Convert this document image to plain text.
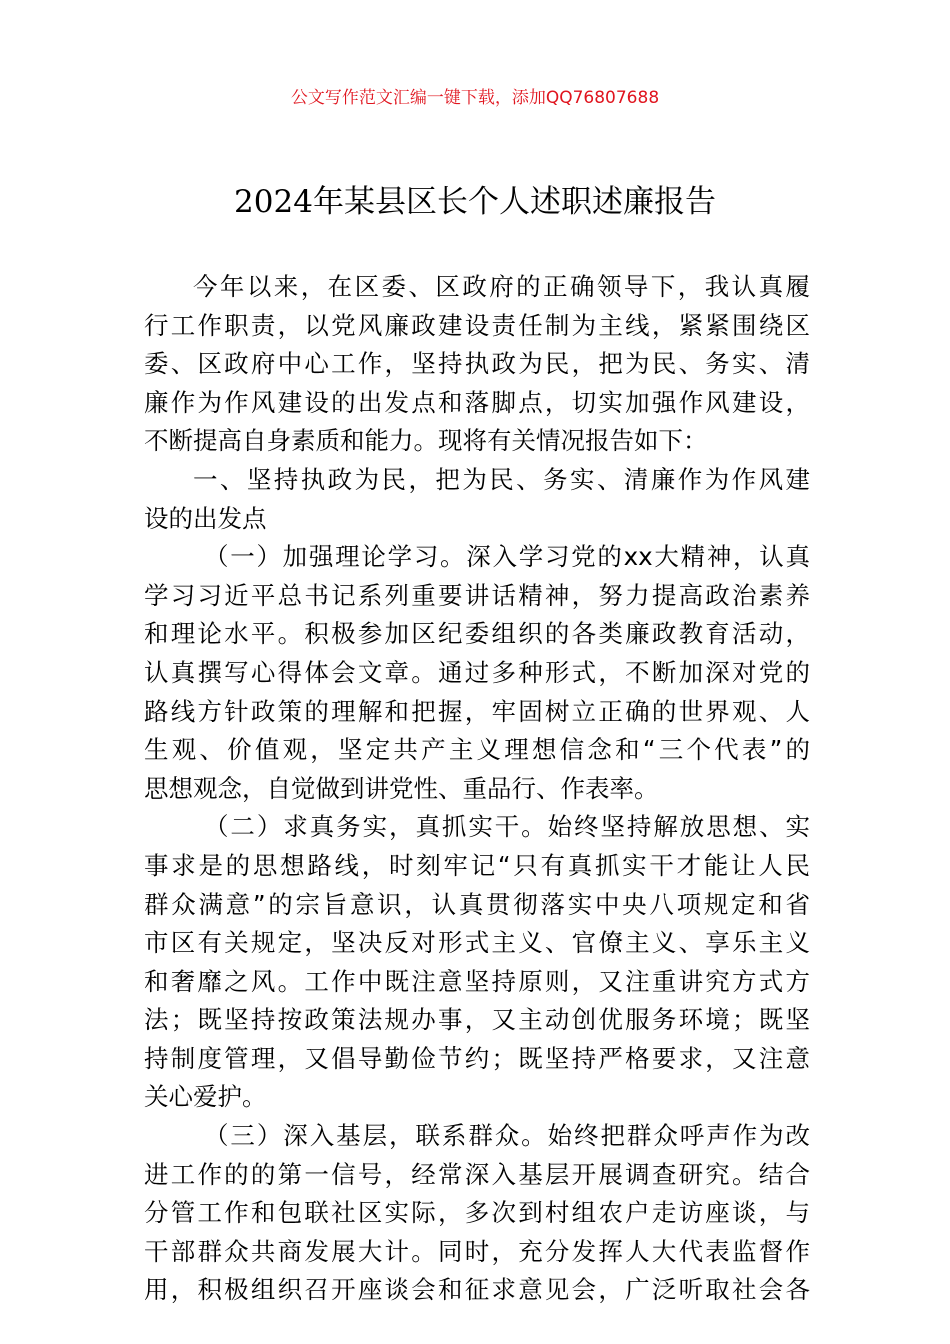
公文写作范文汇编一键下载，添加QQ76807688
2024年某县区长个人述职述廉报告
今年以来，在区委、区政府的正确领导下，我认真履
行工作职责，以党风廉政建设责任制为主线，紧紧围绕区
委、区政府中心工作，坚持执政为民，把为民、务实、清
廉作为作风建设的出发点和落脚点，切实加强作风建设，
不断提高自身素质和能力。现将有关情况报告如下：
一、坚持执政为民，把为民、务实、清廉作为作风建
设的出发点
（一）加强理论学习。深入学习党的xx大精神，认真
学习习近平总书记系列重要讲话精神，努力提高政治素养
和理论水平。积极参加区纪委组织的各类廉政教育活动，
认真撰写心得体会文章。通过多种形式，不断加深对党的
路线方针政策的理解和把握，牢固树立正确的世界观、人
生观、价值观，坚定共产主义理想信念和“三个代表”的
思想观念，自觉做到讲党性、重品行、作表率。
（二）求真务实，真抓实干。始终坚持解放思想、实
事求是的思想路线，时刻牢记“只有真抓实干才能让人民
群众满意”的宗旨意识，认真贯彻落实中央八项规定和省
市区有关规定，坚决反对形式主义、官僚主义、享乐主义
和奢靡之风。工作中既注意坚持原则，又注重讲究方式方
法；既坚持按政策法规办事，又主动创优服务环境；既坚
持制度管理，又倡导勤俭节约；既坚持严格要求，又注意
关心爱护。
（三）深入基层，联系群众。始终把群众呼声作为改
进工作的的第一信号，经常深入基层开展调查研究。结合
分管工作和包联社区实际，多次到村组农户走访座谈，与
干部群众共商发展大计。同时，充分发挥人大代表监督作
用，积极组织召开座谈会和征求意见会，广泛听取社会各
